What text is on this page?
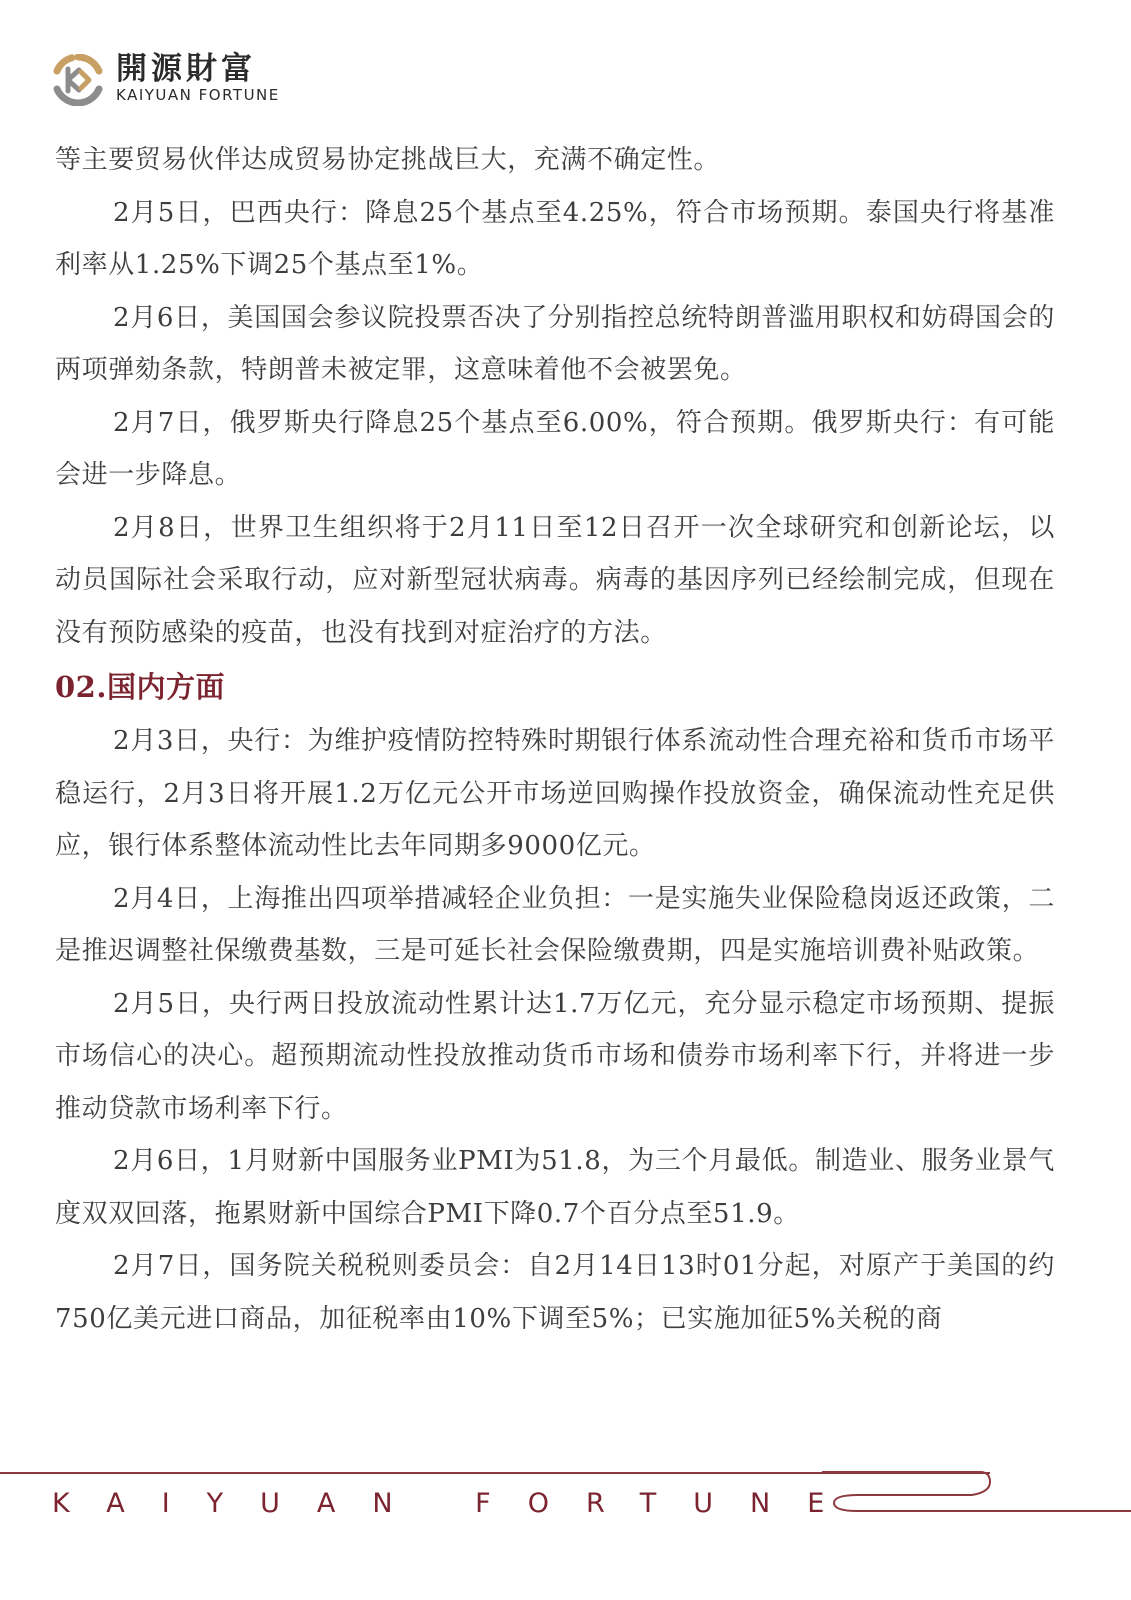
開源財富
KAIYUAN FORTUNE

等主要贸易伙伴达成贸易协定挑战巨大，充满不确定性。

2月5日，巴西央行：降息25个基点至4.25%，符合市场预期。泰国央行将基准利率从1.25%下调25个基点至1%。

2月6日，美国国会参议院投票否决了分别指控总统特朗普滥用职权和妨碍国会的两项弹劾条款，特朗普未被定罪，这意味着他不会被罢免。

2月7日，俄罗斯央行降息25个基点至6.00%，符合预期。俄罗斯央行：有可能会进一步降息。

2月8日，世界卫生组织将于2月11日至12日召开一次全球研究和创新论坛，以动员国际社会采取行动，应对新型冠状病毒。病毒的基因序列已经绘制完成，但现在没有预防感染的疫苗，也没有找到对症治疗的方法。

02.国内方面

2月3日，央行：为维护疫情防控特殊时期银行体系流动性合理充裕和货币市场平稳运行，2月3日将开展1.2万亿元公开市场逆回购操作投放资金，确保流动性充足供应，银行体系整体流动性比去年同期多9000亿元。

2月4日，上海推出四项举措减轻企业负担：一是实施失业保险稳岗返还政策，二是推迟调整社保缴费基数，三是可延长社会保险缴费期，四是实施培训费补贴政策。

2月5日，央行两日投放流动性累计达1.7万亿元，充分显示稳定市场预期、提振市场信心的决心。超预期流动性投放推动货币市场和债券市场利率下行，并将进一步推动贷款市场利率下行。

2月6日，1月财新中国服务业PMI为51.8，为三个月最低。制造业、服务业景气度双双回落，拖累财新中国综合PMI下降0.7个百分点至51.9。

2月7日，国务院关税税则委员会：自2月14日13时01分起，对原产于美国的约750亿美元进口商品，加征税率由10%下调至5%；已实施加征5%关税的商

KAIYUAN FORTUNE
